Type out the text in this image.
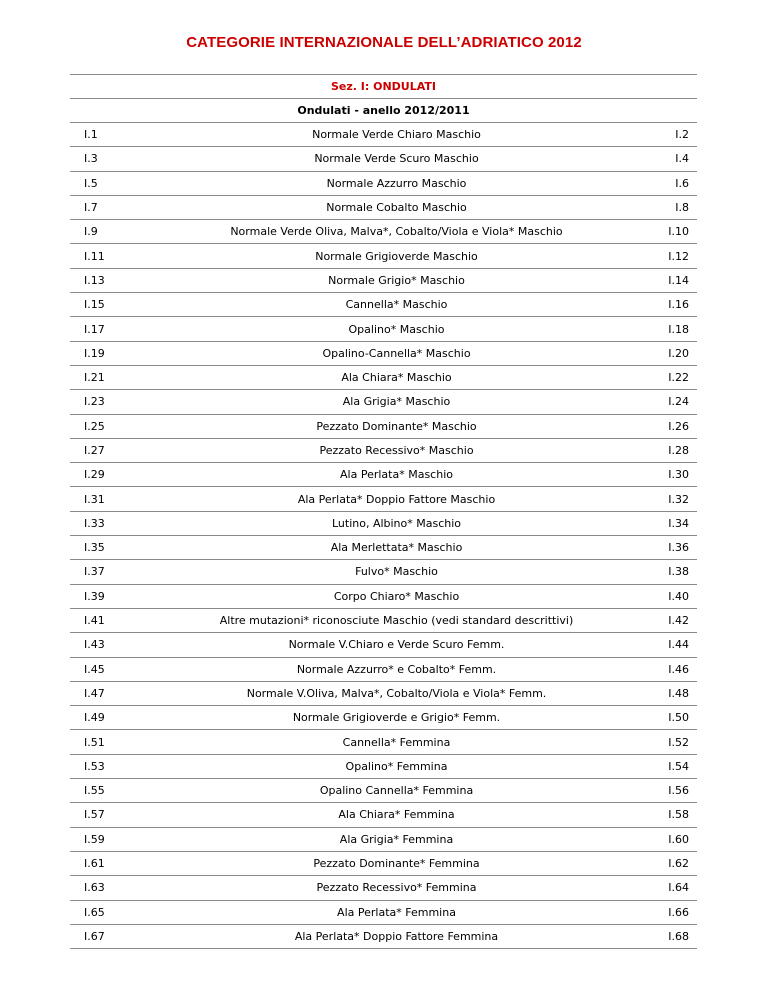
CATEGORIE INTERNAZIONALE DELL’ADRIATICO 2012
Sez. I: ONDULATI
Ondulati - anello 2012/2011
I.1	Normale Verde Chiaro Maschio	I.2
I.3	Normale Verde Scuro Maschio	I.4
I.5	Normale Azzurro Maschio	I.6
I.7	Normale Cobalto Maschio	I.8
I.9	Normale Verde Oliva, Malva*, Cobalto/Viola e Viola* Maschio	I.10
I.11	Normale Grigioverde Maschio	I.12
I.13	Normale Grigio* Maschio	I.14
I.15	Cannella* Maschio	I.16
I.17	Opalino* Maschio	I.18
I.19	Opalino-Cannella* Maschio	I.20
I.21	Ala Chiara* Maschio	I.22
I.23	Ala Grigia* Maschio	I.24
I.25	Pezzato Dominante* Maschio	I.26
I.27	Pezzato Recessivo* Maschio	I.28
I.29	Ala Perlata* Maschio	I.30
I.31	Ala Perlata* Doppio Fattore Maschio	I.32
I.33	Lutino, Albino* Maschio	I.34
I.35	Ala Merlettata* Maschio	I.36
I.37	Fulvo* Maschio	I.38
I.39	Corpo Chiaro* Maschio	I.40
I.41	Altre mutazioni* riconosciute Maschio (vedi standard descrittivi)	I.42
I.43	Normale V.Chiaro e Verde Scuro Femm.	I.44
I.45	Normale Azzurro* e Cobalto* Femm.	I.46
I.47	Normale V.Oliva, Malva*, Cobalto/Viola e Viola* Femm.	I.48
I.49	Normale Grigioverde e Grigio* Femm.	I.50
I.51	Cannella* Femmina	I.52
I.53	Opalino* Femmina	I.54
I.55	Opalino Cannella* Femmina	I.56
I.57	Ala Chiara* Femmina	I.58
I.59	Ala Grigia* Femmina	I.60
I.61	Pezzato Dominante* Femmina	I.62
I.63	Pezzato Recessivo* Femmina	I.64
I.65	Ala Perlata* Femmina	I.66
I.67	Ala Perlata* Doppio Fattore Femmina	I.68
